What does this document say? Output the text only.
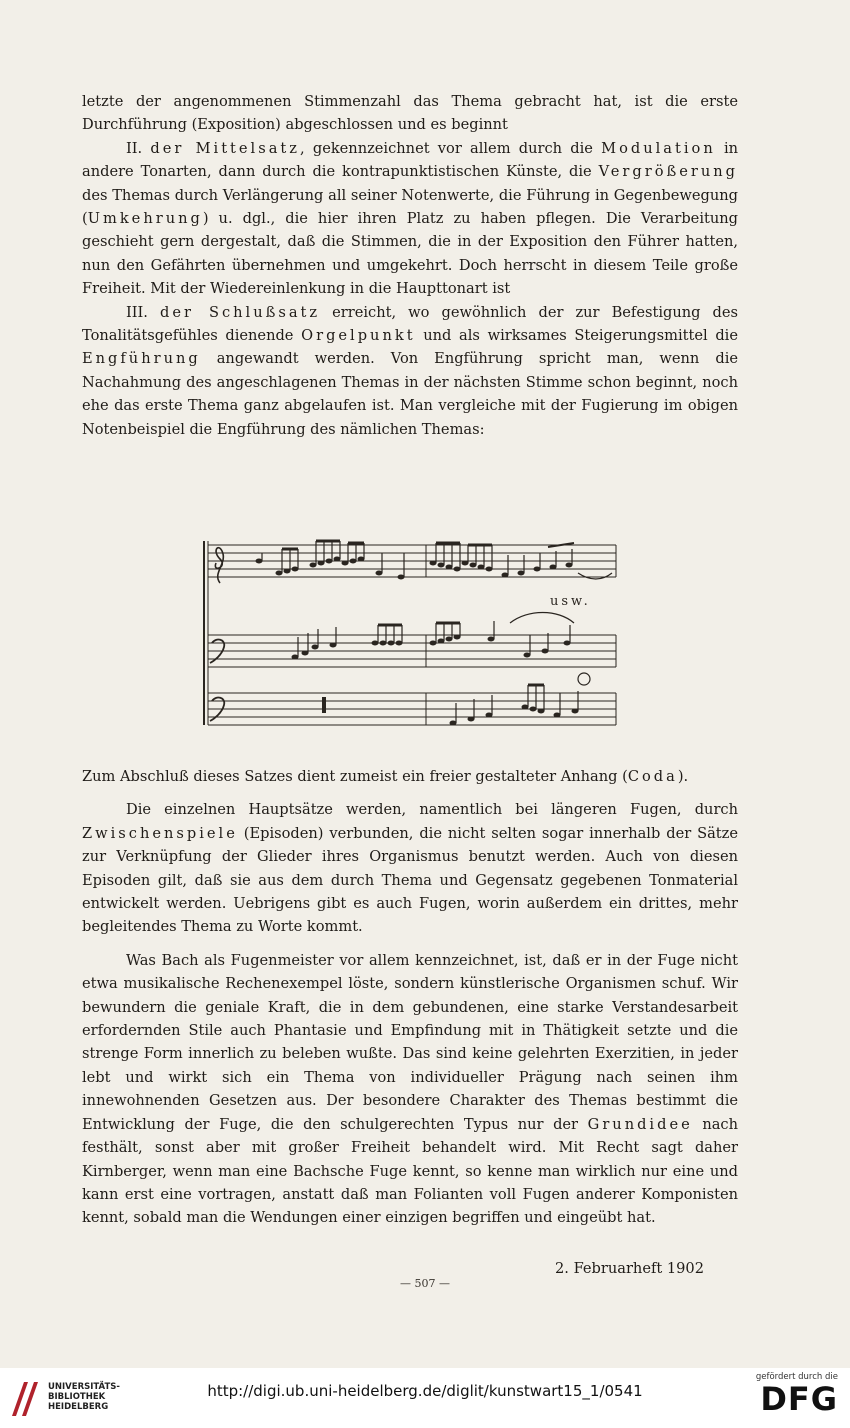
letzte der angenommenen Stimmenzahl das Thema gebracht hat, ist die erste Durchführung (Exposition) abgeschlossen und es beginnt

II. der Mittelsatz, gekennzeichnet vor allem durch die Modulation in andere Tonarten, dann durch die kontrapunktistischen Künste, die Vergrößerung des Themas durch Verlängerung all seiner Notenwerte, die Führung in Gegenbewegung (Umkehrung) u. dgl., die hier ihren Platz zu haben pflegen. Die Verarbeitung geschieht gern dergestalt, daß die Stimmen, die in der Exposition den Führer hatten, nun den Gefährten übernehmen und umgekehrt. Doch herrscht in diesem Teile große Freiheit. Mit der Wiedereinlenkung in die Haupttonart ist

III. der Schlußsatz erreicht, wo gewöhnlich der zur Befestigung des Tonalitätsgefühles dienende Orgelpunkt und als wirksames Steigerungsmittel die Engführung angewandt werden. Von Engführung spricht man, wenn die Nachahmung des angeschlagenen Themas in der nächsten Stimme schon beginnt, noch ehe das erste Thema ganz abgelaufen ist. Man vergleiche mit der Fugierung im obigen Notenbeispiel die Engführung des nämlichen Themas:

usw.

Zum Abschluß dieses Satzes dient zumeist ein freier gestalteter Anhang (Coda).

Die einzelnen Hauptsätze werden, namentlich bei längeren Fugen, durch Zwischenspiele (Episoden) verbunden, die nicht selten sogar innerhalb der Sätze zur Verknüpfung der Glieder ihres Organismus benutzt werden. Auch von diesen Episoden gilt, daß sie aus dem durch Thema und Gegensatz gegebenen Tonmaterial entwickelt werden. Uebrigens gibt es auch Fugen, worin außerdem ein drittes, mehr begleitendes Thema zu Worte kommt.

Was Bach als Fugenmeister vor allem kennzeichnet, ist, daß er in der Fuge nicht etwa musikalische Rechenexempel löste, sondern künstlerische Organismen schuf. Wir bewundern die geniale Kraft, die in dem gebundenen, eine starke Verstandesarbeit erfordernden Stile auch Phantasie und Empfindung mit in Thätigkeit setzte und die strenge Form innerlich zu beleben wußte. Das sind keine gelehrten Exerzitien, in jeder lebt und wirkt sich ein Thema von individueller Prägung nach seinen ihm innewohnenden Gesetzen aus. Der besondere Charakter des Themas bestimmt die Entwicklung der Fuge, die den schulgerechten Typus nur der Grundidee nach festhält, sonst aber mit großer Freiheit behandelt wird. Mit Recht sagt daher Kirnberger, wenn man eine Bachsche Fuge kennt, so kenne man wirklich nur eine und kann erst eine vortragen, anstatt daß man Folianten voll Fugen anderer Komponisten kennt, sobald man die Wendungen einer einzigen begriffen und eingeübt hat.

2. Februarheft 1902
— 507 —
UNIVERSITÄTS-
BIBLIOTHEK
HEIDELBERG
http://digi.ub.uni-heidelberg.de/diglit/kunstwart15_1/0541
gefördert durch die
DFG
